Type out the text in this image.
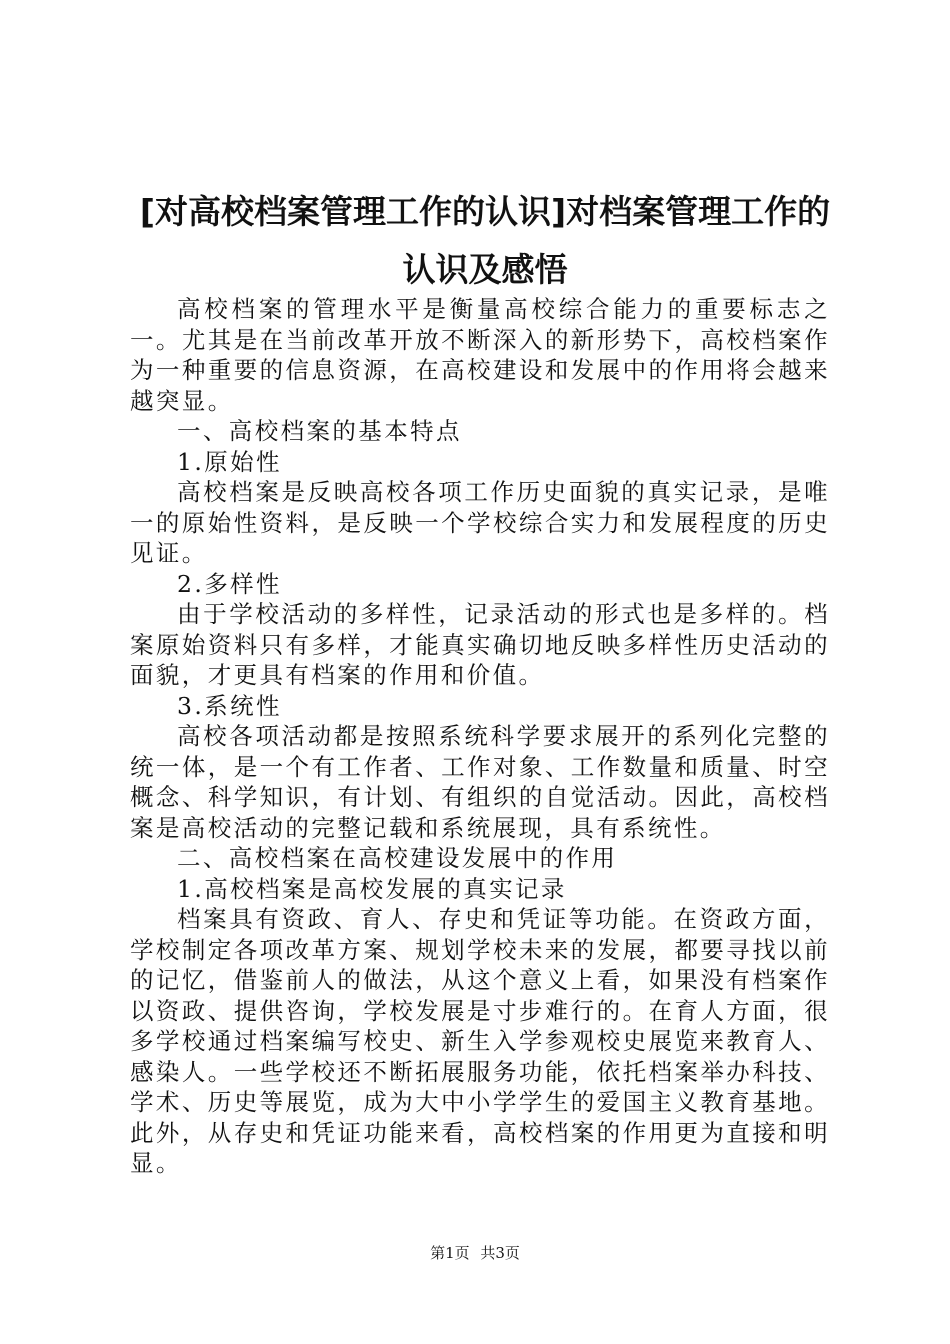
[对高校档案管理工作的认识]对档案管理工作的认识及感悟

高校档案的管理水平是衡量高校综合能力的重要标志之一。尤其是在当前改革开放不断深入的新形势下，高校档案作为一种重要的信息资源，在高校建设和发展中的作用将会越来越突显。

一、高校档案的基本特点

1.原始性

高校档案是反映高校各项工作历史面貌的真实记录，是唯一的原始性资料，是反映一个学校综合实力和发展程度的历史见证。

2.多样性

由于学校活动的多样性，记录活动的形式也是多样的。档案原始资料只有多样，才能真实确切地反映多样性历史活动的面貌，才更具有档案的作用和价值。

3.系统性

高校各项活动都是按照系统科学要求展开的系列化完整的统一体，是一个有工作者、工作对象、工作数量和质量、时空概念、科学知识，有计划、有组织的自觉活动。因此，高校档案是高校活动的完整记载和系统展现，具有系统性。

二、高校档案在高校建设发展中的作用

1.高校档案是高校发展的真实记录

档案具有资政、育人、存史和凭证等功能。在资政方面，学校制定各项改革方案、规划学校未来的发展，都要寻找以前的记忆，借鉴前人的做法，从这个意义上看，如果没有档案作以资政、提供咨询，学校发展是寸步难行的。在育人方面，很多学校通过档案编写校史、新生入学参观校史展览来教育人、感染人。一些学校还不断拓展服务功能，依托档案举办科技、学术、历史等展览，成为大中小学学生的爱国主义教育基地。此外，从存史和凭证功能来看，高校档案的作用更为直接和明显。

第1页 共3页
